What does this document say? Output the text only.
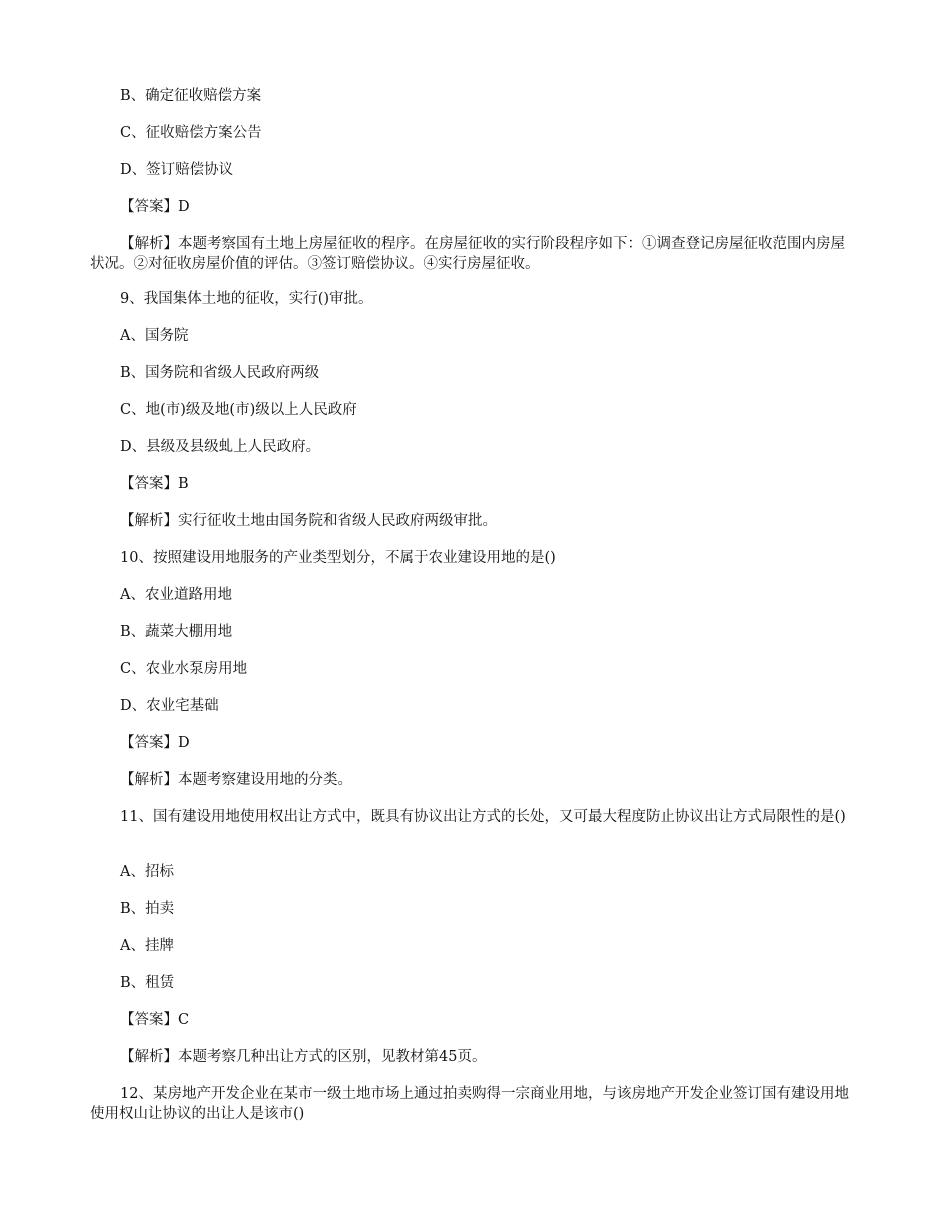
B、确定征收赔偿方案
C、征收赔偿方案公告
D、签订赔偿协议
【答案】D
【解析】本题考察国有土地上房屋征收的程序。在房屋征收的实行阶段程序如下：①调查登记房屋征收范围内房屋状况。②对征收房屋价值的评估。③签订赔偿协议。④实行房屋征收。
9、我国集体土地的征收，实行()审批。
A、国务院
B、国务院和省级人民政府两级
C、地(市)级及地(市)级以上人民政府
D、县级及县级虬上人民政府。
【答案】B
【解析】实行征收土地由国务院和省级人民政府两级审批。
10、按照建设用地服务的产业类型划分，不属于农业建设用地的是()
A、农业道路用地
B、蔬菜大棚用地
C、农业水泵房用地
D、农业宅基础
【答案】D
【解析】本题考察建设用地的分类。
11、国有建设用地使用权出让方式中，既具有协议出让方式的长处，又可最大程度防止协议出让方式局限性的是()
A、招标
B、拍卖
A、挂牌
B、租赁
【答案】C
【解析】本题考察几种出让方式的区别，见教材第45页。
12、某房地产开发企业在某市一级土地市场上通过拍卖购得一宗商业用地，与该房地产开发企业签订国有建设用地使用权山让协议的出让人是该市()
